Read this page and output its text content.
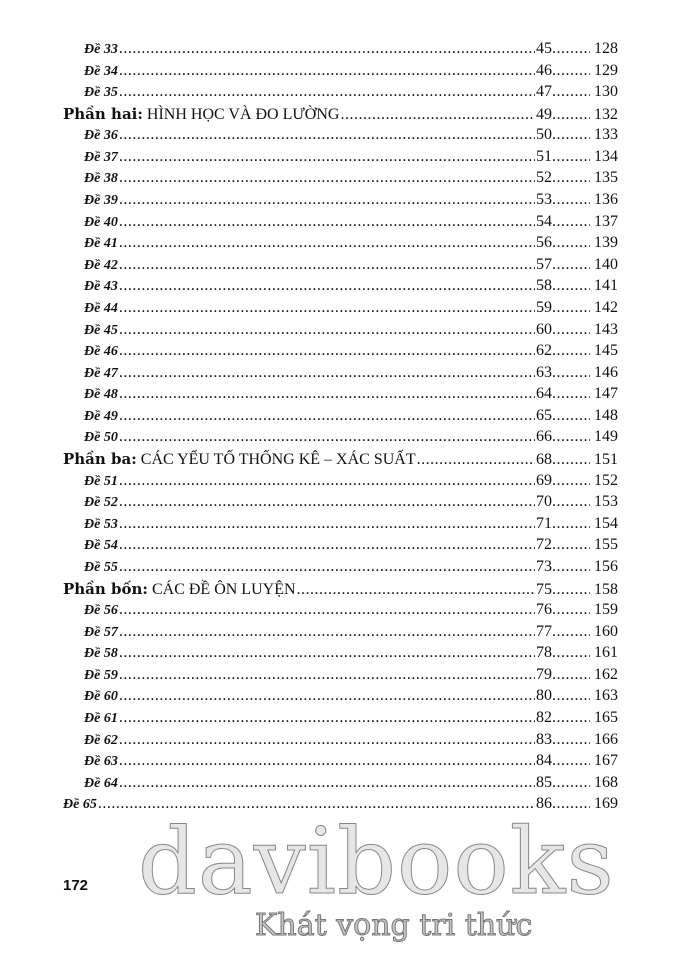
Đề 33 .....	45 .....	128
Đề 34 .....	46 .....	129
Đề 35 .....	47 .....	130
Phần hai: HÌNH HỌC VÀ ĐO LƯỜNG .....	49 .....	132
Đề 36 .....	50 .....	133
Đề 37 .....	51 .....	134
Đề 38 .....	52 .....	135
Đề 39 .....	53 .....	136
Đề 40 .....	54 .....	137
Đề 41 .....	56 .....	139
Đề 42 .....	57 .....	140
Đề 43 .....	58 .....	141
Đề 44 .....	59 .....	142
Đề 45 .....	60 .....	143
Đề 46 .....	62 .....	145
Đề 47 .....	63 .....	146
Đề 48 .....	64 .....	147
Đề 49 .....	65 .....	148
Đề 50 .....	66 .....	149
Phần ba: CÁC YẾU TỐ THỐNG KÊ – XÁC SUẤT .....	68 .....	151
Đề 51 .....	69 .....	152
Đề 52 .....	70 .....	153
Đề 53 .....	71 .....	154
Đề 54 .....	72 .....	155
Đề 55 .....	73 .....	156
Phần bốn: CÁC ĐỀ ÔN LUYỆN .....	75 .....	158
Đề 56 .....	76 .....	159
Đề 57 .....	77 .....	160
Đề 58 .....	78 .....	161
Đề 59 .....	79 .....	162
Đề 60 .....	80 .....	163
Đề 61 .....	82 .....	165
Đề 62 .....	83 .....	166
Đề 63 .....	84 .....	167
Đề 64 .....	85 .....	168
Đề 65 .....	86 .....	169
172 davibooks
Khát vọng tri thức
